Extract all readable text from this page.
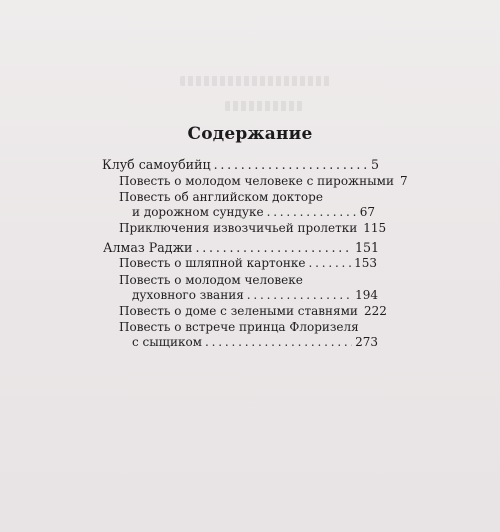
Содержание
Клуб самоубийц .....	5
Повесть о молодом человеке с пирожными 7
Повесть об английском докторе
и дорожном сундуке .....	67
Приключения извозчичьей пролетки 115
Алмаз Раджи .....	151
Повесть о шляпной картонке .....	153
Повесть о молодом человеке
духовного звания .....	194
Повесть о доме с зелеными ставнями 222
Повесть о встрече принца Флоризеля
с сыщиком .....	273
